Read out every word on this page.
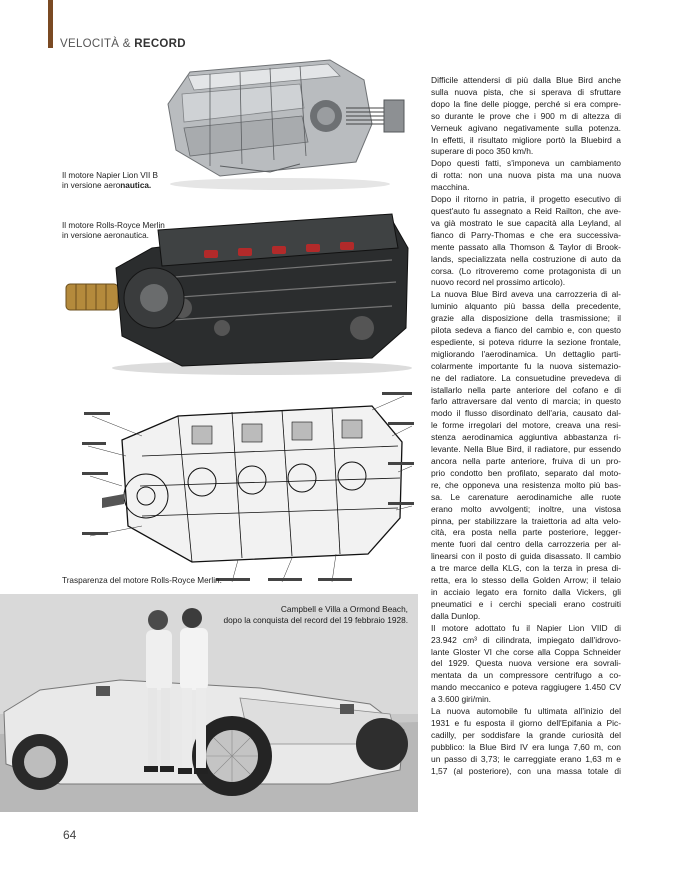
VELOCITÀ & RECORD
Il motore Napier Lion VII B
in versione aeronautica.
Il motore Rolls-Royce Merlin
in versione aeronautica.
Trasparenza del motore Rolls-Royce Merlin.
Campbell e Villa a Ormond Beach,
dopo la conquista del record del 19 febbraio 1928.

Difficile attendersi di più dalla Blue Bird anche

sulla nuova pista, che si sperava di sfruttare

dopo la fine delle piogge, perché si era compre-

so durante le prove che i 900 m di altezza di

Verneuk agivano negativamente sulla potenza.

In effetti, il risultato migliore portò la Bluebird a

superare di poco 350 km/h.

Dopo questi fatti, s'imponeva un cambiamento

di rotta: non una nuova pista ma una nuova

macchina.

Dopo il ritorno in patria, il progetto esecutivo di

quest'auto fu assegnato a Reid Railton, che ave-

va già mostrato le sue capacità alla Leyland, al

fianco di Parry-Thomas e che era successiva-

mente passato alla Thomson & Taylor di Brook-

lands, specializzata nella costruzione di auto da

corsa. (Lo ritroveremo come protagonista di un

nuovo record nel prossimo articolo).

La nuova Blue Bird aveva una carrozzeria di al-

luminio alquanto più bassa della precedente,

grazie alla disposizione della trasmissione; il

pilota sedeva a fianco del cambio e, con questo

espediente, si poteva ridurre la sezione frontale,

migliorando l'aerodinamica. Un dettaglio parti-

colarmente importante fu la nuova sistemazio-

ne del radiatore. La consuetudine prevedeva di

istallarlo nella parte anteriore del cofano e di

farlo attraversare dal vento di marcia; in questo

modo il flusso disordinato dell'aria, causato dal-

le forme irregolari del motore, creava una resi-

stenza aerodinamica aggiuntiva abbastanza ri-

levante. Nella Blue Bird, il radiatore, pur essendo

ancora nella parte anteriore, fruiva di un pro-

prio condotto ben profilato, separato dal moto-

re, che opponeva una resistenza molto più bas-

sa. Le carenature aerodinamiche alle ruote

erano molto avvolgenti; inoltre, una vistosa

pinna, per stabilizzare la traiettoria ad alta velo-

cità, era posta nella parte posteriore, legger-

mente fuori dal centro della carrozzeria per al-

linearsi con il posto di guida disassato. Il cambio

a tre marce della KLG, con la terza in presa di-

retta, era lo stesso della Golden Arrow; il telaio

in acciaio legato era fornito dalla Vickers, gli

pneumatici e i cerchi speciali erano costruiti

dalla Dunlop.

Il motore adottato fu il Napier Lion VIID di

23.942 cm³ di cilindrata, impiegato dall'idrovo-

lante Gloster VI che corse alla Coppa Schneider

del 1929. Questa nuova versione era sovrali-

mentata da un compressore centrifugo a co-

mando meccanico e poteva raggiugere 1.450 CV

a 3.600 giri/min.

La nuova automobile fu ultimata all'inizio del

1931 e fu esposta il giorno dell'Epifania a Pic-

cadilly, per soddisfare la grande curiosità del

pubblico: la Blue Bird IV era lunga 7,60 m, con

un passo di 3,73; le carreggiate erano 1,63 m e

1,57 (al posteriore), con una massa totale di

64
